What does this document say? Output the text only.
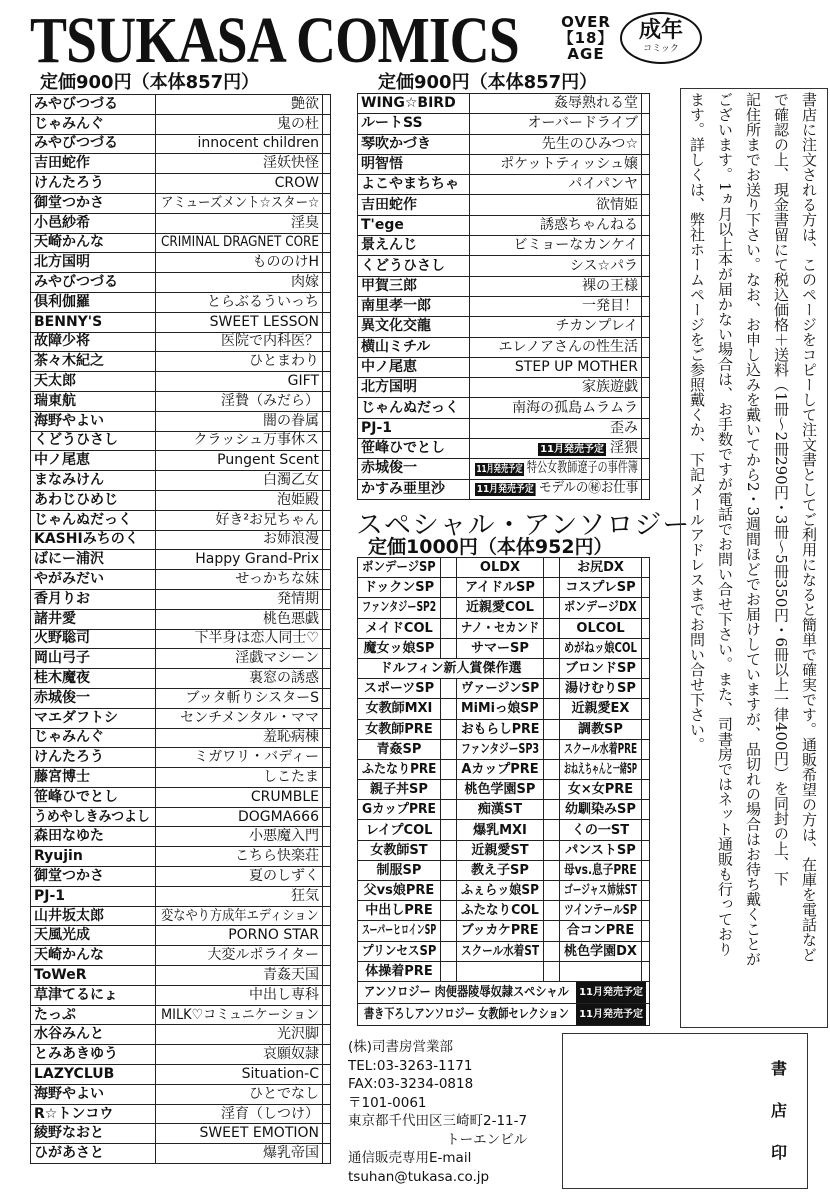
TSUKASA COMICS	OVER
【18】
AGE
成年
コミック
定価900円（本体857円）	定価900円（本体857円）
みやびつづる	艶欲	
じゃみんぐ	鬼の杜	
みやびつづる	innocent children	
吉田蛇作	淫妖快怪	
けんたろう	CROW	
御堂つかさ	アミューズメント☆スター☆	
小邑紗希	淫臭	
天崎かんな	CRIMINAL DRAGNET CORE	
北方国明	もののけH	
みやびつづる	肉嫁	
倶利伽羅	とらぶるういっち	
BENNY'S	SWEET LESSON	
故障少将	医院で内科医？	
茶々木紀之	ひとまわり	
天太郎	GIFT	
瑞東航	淫贄（みだら）	
海野やよい	闇の眷属	
くどうひさし	クラッシュ万事休ス	
中ノ尾恵	Pungent Scent	
まなみけん	白濁乙女	
あわじひめじ	泡姫殿	
じゃんぬだっく	好き²お兄ちゃん	
KASHIみちのく	お姉浪漫	
ばにー浦沢	Happy Grand-Prix	
やがみだい	せっかちな妹	
香月りお	発情期	
諸井愛	桃色悪戯	
火野聡司	下半身は恋人同士♡	
岡山弓子	淫戯マシーン	
桂木魔夜	裏窓の誘惑	
赤城俊一	ブッタ斬りシスターS	
マエダフトシ	センチメンタル・ママ	
じゃみんぐ	羞恥病棟	
けんたろう	ミガワリ・バディー	
藤宮博士	しこたま	
笹峰ひでとし	CRUMBLE	
うめやしきみつよし	DOGMA666	
森田なゆた	小悪魔入門	
Ryujin	こちら快楽荘	
御堂つかさ	夏のしずく	
PJ-1	狂気	
山井坂太郎	変なやり方成年エディション	
天風光成	PORNO STAR	
天崎かんな	大変ルポライター	
ToWeR	青姦天国	
草津てるにょ	中出し専科	
たっぷ	MILK♡コミュニケーション	
水谷みんと	光沢脚	
とみあきゆう	哀願奴隷	
LAZYCLUB	Situation-C	
海野やよい	ひとでなし	
R☆トンコウ	淫育（しつけ）	
綾野なおと	SWEET EMOTION	
ひがあさと	爆乳帝国	
WING☆BIRD	姦辱熟れる堂	
ルートSS	オーバードライブ	
琴吹かづき	先生のひみつ☆	
明智悟	ポケットティッシュ嬢	
よこやまちちゃ	パイパンヤ	
吉田蛇作	欲情姫	
T'ege	誘惑ちゃんねる	
景えんじ	ビミョーなカンケイ	
くどうひさし	シス☆パラ	
甲賀三郎	裸の王様	
南里孝一郎	一発目！	
異文化交龍	チカンプレイ	
横山ミチル	エレノアさんの性生活	
中ノ尾恵	STEP UP MOTHER	
北方国明	家族遊戯	
じゃんぬだっく	南海の孤島ムラムラ	
PJ-1	歪み	
笹峰ひでとし	11月発売予定 淫猥	
赤城俊一	11月発売予定 特公女教師遼子の事件簿	
かすみ亜里沙	11月発売予定 モデルの㊙お仕事	
スペシャル・アンソロジー
定価1000円（本体952円）
ボンデージSP		OLDX		お尻DX	
ドックンSP		アイドルSP		コスプレSP	
ファンタジーSP2		近親愛COL		ボンデージDX	
メイドCOL		ナノ・セカンド		OLCOL	
魔女ッ娘SP		サマーSP		めがねッ娘COL	
ドルフィン新人賞傑作選				ブロンドSP	
スポーツSP		ヴァージンSP		湯けむりSP	
女教師MXI		MiMiっ娘SP		近親愛EX	
女教師PRE		おもらしPRE		調教SP	
青姦SP		ファンタジーSP3		スクール水着PRE	
ふたなりPRE		AカップPRE		おねえちゃんと一緒SP	
親子丼SP		桃色学園SP		女×女PRE	
GカップPRE		痴漢ST		幼馴染みSP	
レイプCOL		爆乳MXI		くの一ST	
女教師ST		近親愛ST		パンストSP	
制服SP		教え子SP		母vs.息子PRE	
父vs娘PRE		ふぇらッ娘SP		ゴージャス姉妹ST	
中出しPRE		ふたなりCOL		ツインテールSP	
スーパーヒロインSP		ブッカケPRE		合コンPRE	
プリンセスSP		スクール水着ST		桃色学園DX	
体操着PRE					

アンソロジー 肉便器陵辱奴隷スペシャル 11月発売予定					

書き下ろしアンソロジー 女教師セレクション 11月発売予定					

書店に注文される方は、このページをコピーして注文書としてご利用になると簡単で確実です。通販希望の方は、在庫を電話など

で確認の上、現金書留にて税込価格＋送料（1冊～2冊290円・3冊～5冊350円・6冊以上一律400円）を同封の上、下

記住所までお送り下さい。なお、お申し込みを戴いてから2・3週間ほどでお届けしていますが、品切れの場合はお待ち戴くことが

ございます。1ヵ月以上本が届かない場合は、お手数ですが電話でお問い合せ下さい。また、司書房ではネット通販も行っており

ます。詳しくは、弊社ホームページをご参照戴くか、下記メールアドレスまでお問い合せ下さい。

(株)司書房営業部
TEL:03-3263-1171
FAX:03-3234-0818
〒101-0061
東京都千代田区三崎町2-11-7
トーエンビル
通信販売専用E-mail
tsuhan@tukasa.co.jp
書
店
印
